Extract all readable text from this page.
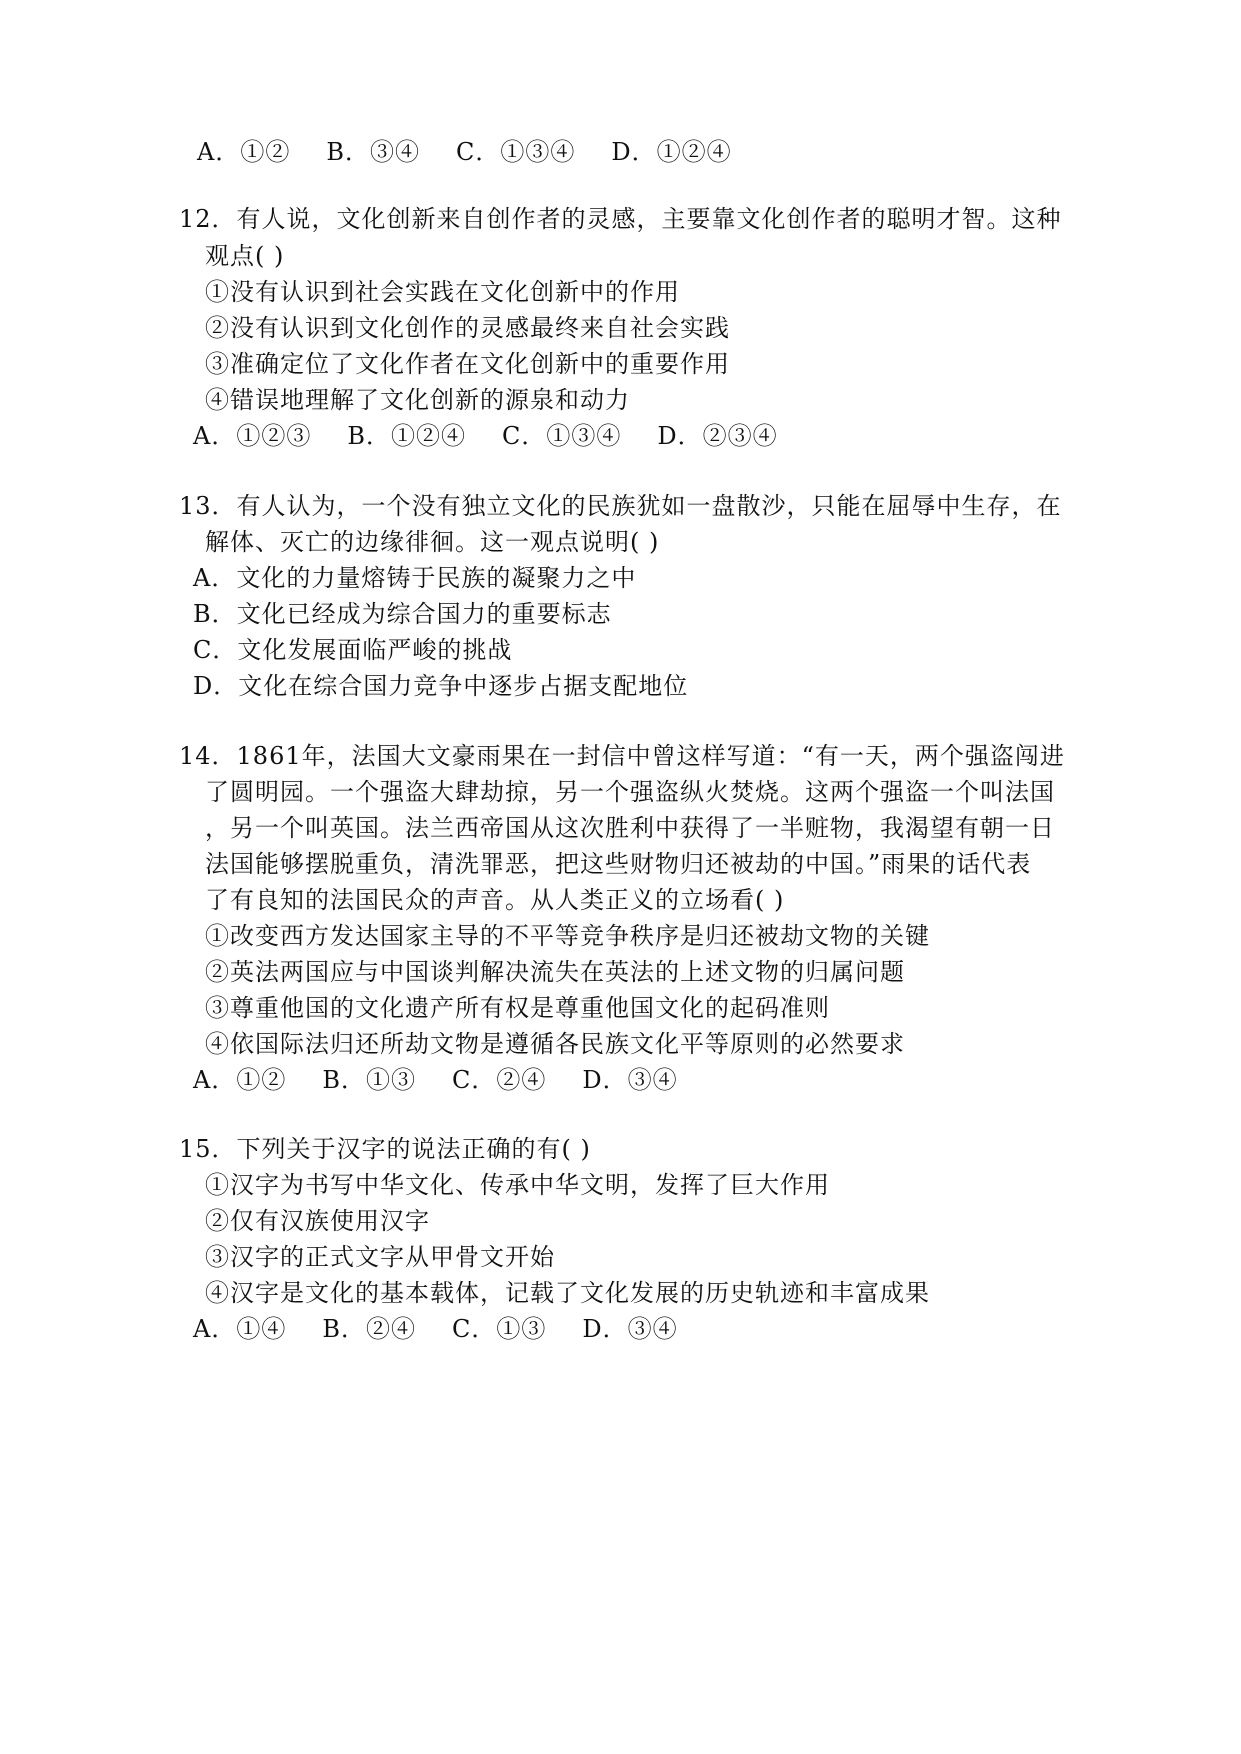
A．①② B．③④ C．①③④ D．①②④
12．有人说，文化创新来自创作者的灵感，主要靠文化创作者的聪明才智。这种
观点( )
①没有认识到社会实践在文化创新中的作用
②没有认识到文化创作的灵感最终来自社会实践
③准确定位了文化作者在文化创新中的重要作用
④错误地理解了文化创新的源泉和动力
A．①②③ B．①②④ C．①③④ D．②③④
13．有人认为，一个没有独立文化的民族犹如一盘散沙，只能在屈辱中生存，在
解体、灭亡的边缘徘徊。这一观点说明( )
A．文化的力量熔铸于民族的凝聚力之中
B．文化已经成为综合国力的重要标志
C．文化发展面临严峻的挑战
D．文化在综合国力竞争中逐步占据支配地位
14．1861年，法国大文豪雨果在一封信中曾这样写道：“有一天，两个强盗闯进
了圆明园。一个强盗大肆劫掠，另一个强盗纵火焚烧。这两个强盗一个叫法国
，另一个叫英国。法兰西帝国从这次胜利中获得了一半赃物，我渴望有朝一日
法国能够摆脱重负，清洗罪恶，把这些财物归还被劫的中国。”雨果的话代表
了有良知的法国民众的声音。从人类正义的立场看( )
①改变西方发达国家主导的不平等竞争秩序是归还被劫文物的关键
②英法两国应与中国谈判解决流失在英法的上述文物的归属问题
③尊重他国的文化遗产所有权是尊重他国文化的起码准则
④依国际法归还所劫文物是遵循各民族文化平等原则的必然要求
A．①② B．①③ C．②④ D．③④
15．下列关于汉字的说法正确的有( )
①汉字为书写中华文化、传承中华文明，发挥了巨大作用
②仅有汉族使用汉字
③汉字的正式文字从甲骨文开始
④汉字是文化的基本载体，记载了文化发展的历史轨迹和丰富成果
A．①④ B．②④ C．①③ D．③④
